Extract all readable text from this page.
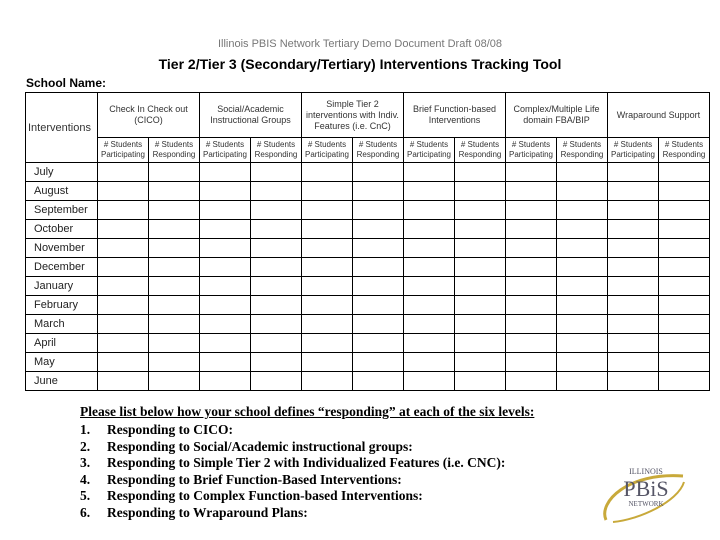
Illinois PBIS Network Tertiary Demo Document Draft 08/08
Tier 2/Tier 3 (Secondary/Tertiary) Interventions Tracking Tool
School Name:
Interventions	Check In Check out (CICO)		Social/Academic Instructional Groups		Simple Tier 2 interventions with Indiv. Features (i.e. CnC)		Brief Function-based Interventions		Complex/Multiple Life domain FBA/BIP		Wraparound Support	
	# Students Participating	# Students Responding	# Students Participating	# Students Responding	# Students Participating	# Students Responding	# Students Participating	# Students Responding	# Students Participating	# Students Responding	# Students Participating	# Students Responding
July												
August												
September												
October												
November												
December												
January												
February												
March												
April												
May												
June												
Please list below how your school defines “responding” at each of the six levels:
1. Responding to CICO:
2. Responding to Social/Academic instructional groups:
3. Responding to Simple Tier 2 with Individualized Features (i.e. CNC):
4. Responding to Brief Function-Based Interventions:
5. Responding to Complex Function-based Interventions:
6. Responding to Wraparound Plans:
ILLINOIS
PBiS
NETWORK
